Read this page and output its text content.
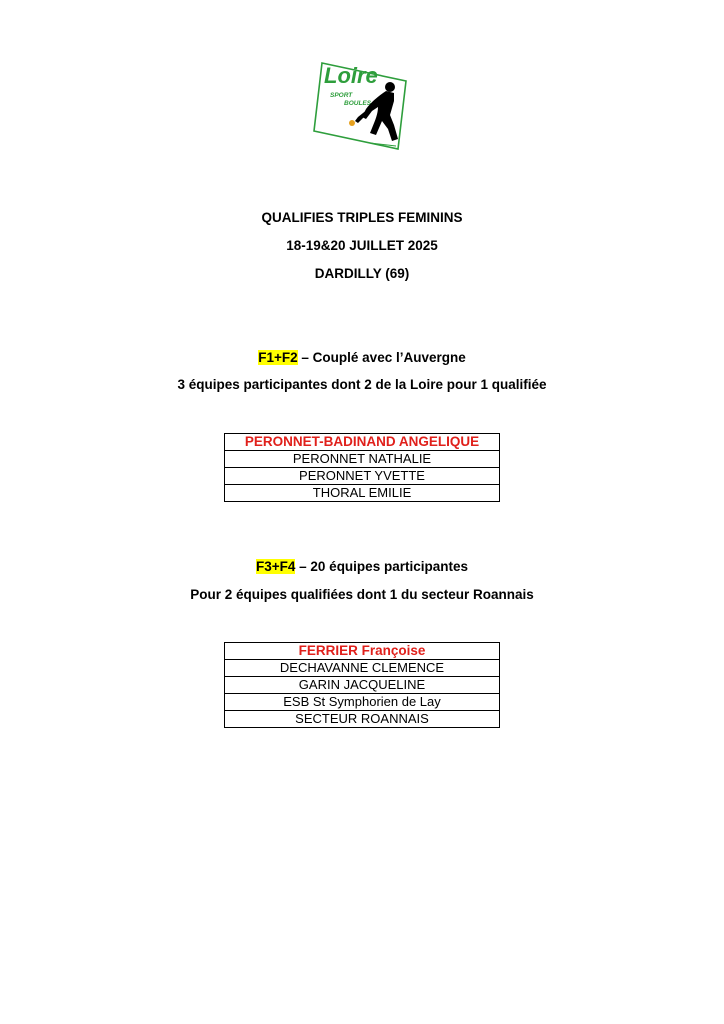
Loire
SPORT
BOULES
QUALIFIES TRIPLES FEMININS
18-19&20 JUILLET 2025
DARDILLY (69)
F1+F2 – Couplé avec l’Auvergne
3 équipes participantes dont 2 de la Loire pour 1 qualifiée
PERONNET-BADINAND ANGELIQUE
PERONNET NATHALIE
PERONNET YVETTE
THORAL EMILIE
F3+F4 – 20 équipes participantes
Pour 2 équipes qualifiées dont 1 du secteur Roannais
FERRIER Françoise
DECHAVANNE CLEMENCE
GARIN JACQUELINE
ESB St Symphorien de Lay
SECTEUR ROANNAIS
